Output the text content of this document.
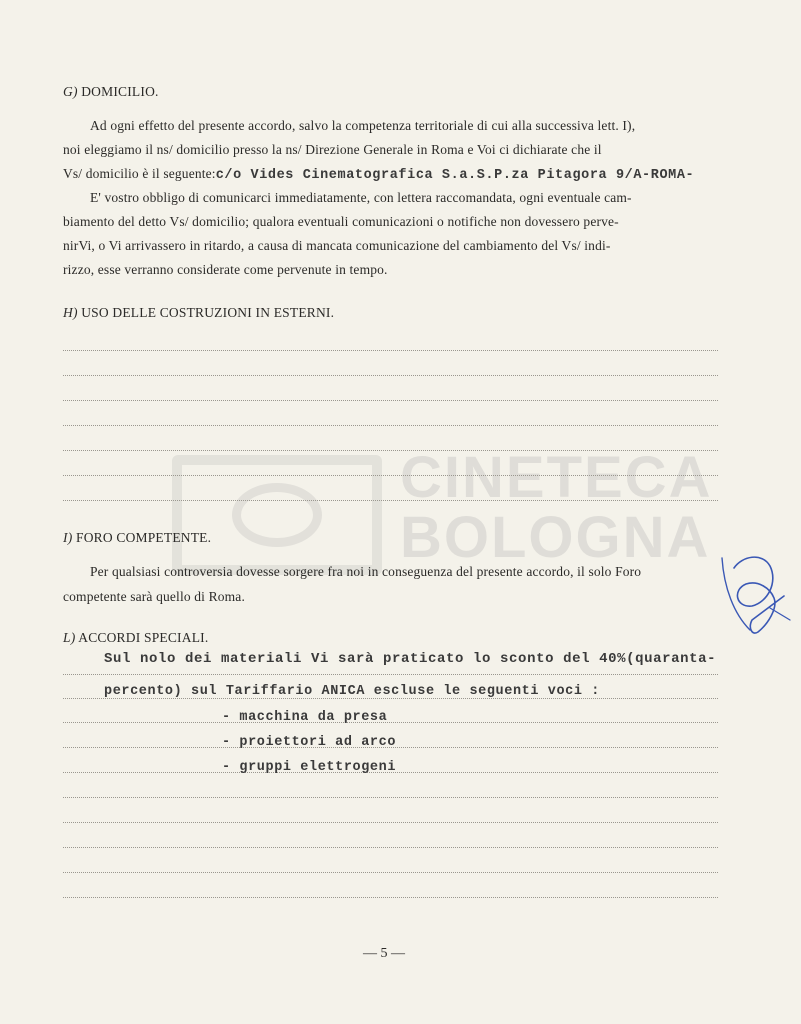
CINETECA
BOLOGNA
G) DOMICILIO.
Ad ogni effetto del presente accordo, salvo la competenza territoriale di cui alla successiva lett. I),
noi eleggiamo il ns/ domicilio presso la ns/ Direzione Generale in Roma e Voi ci dichiarate che il
Vs/ domicilio è il seguente:c/o Vides Cinematografica S.a.S.P.za Pitagora 9/A-ROMA-
E' vostro obbligo di comunicarci immediatamente, con lettera raccomandata, ogni eventuale cam-
biamento del detto Vs/ domicilio; qualora eventuali comunicazioni o notifiche non dovessero perve-
nirVi, o Vi arrivassero in ritardo, a causa di mancata comunicazione del cambiamento del Vs/ indi-
rizzo, esse verranno considerate come pervenute in tempo.
H) USO DELLE COSTRUZIONI IN ESTERNI.
I) FORO COMPETENTE.
Per qualsiasi controversia dovesse sorgere fra noi in conseguenza del presente accordo, il solo Foro
competente sarà quello di Roma.
L) ACCORDI SPECIALI.
Sul nolo dei materiali Vi sarà praticato lo sconto del 40%(quaranta-
percento) sul Tariffario ANICA escluse le seguenti voci :
- macchina da presa
- proiettori ad arco
- gruppi elettrogeni
— 5 —
